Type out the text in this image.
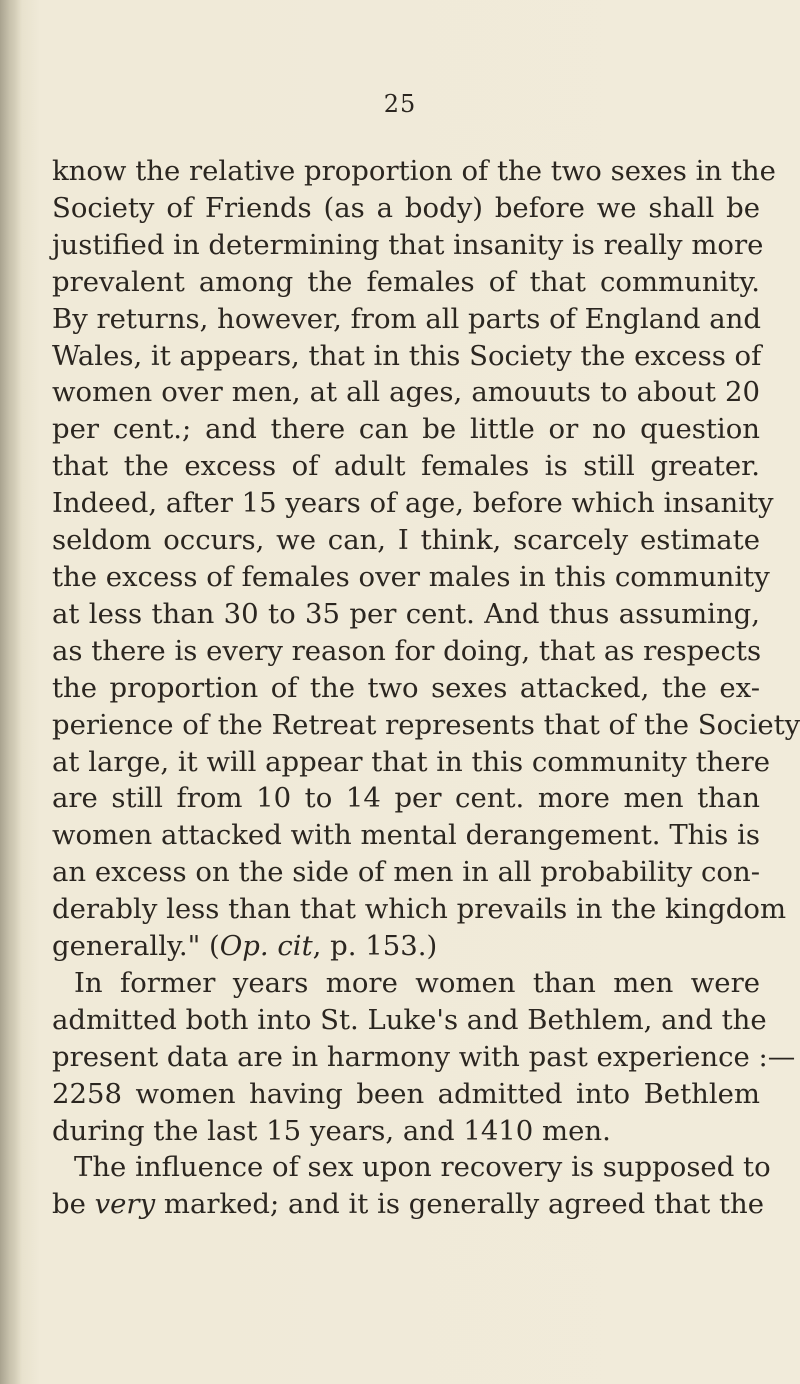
25
know the relative proportion of the two sexes in the
Society of Friends (as a body) before we shall be
justified in determining that insanity is really more
prevalent among the females of that community.
By returns, however, from all parts of England and
Wales, it appears, that in this Society the excess of
women over men, at all ages, amouuts to about 20
per cent.; and there can be little or no question
that the excess of adult females is still greater.
Indeed, after 15 years of age, before which insanity
seldom occurs, we can, I think, scarcely estimate
the excess of females over males in this community
at less than 30 to 35 per cent. And thus assuming,
as there is every reason for doing, that as respects
the proportion of the two sexes attacked, the ex-
perience of the Retreat represents that of the Society
at large, it will appear that in this community there
are still from 10 to 14 per cent. more men than
women attacked with mental derangement. This is
an excess on the side of men in all probability con-
derably less than that which prevails in the kingdom
generally." (Op. cit, p. 153.)
In former years more women than men were
admitted both into St. Luke's and Bethlem, and the
present data are in harmony with past experience :—
2258 women having been admitted into Bethlem
during the last 15 years, and 1410 men.
The influence of sex upon recovery is supposed to
be very marked; and it is generally agreed that the
